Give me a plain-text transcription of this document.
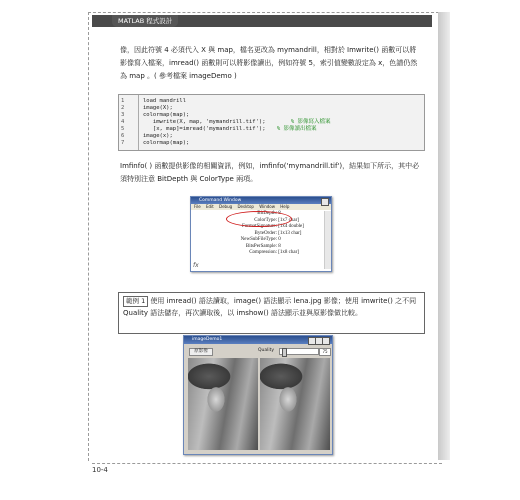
MATLAB 程式設計
像，因此符號 4 必須代入 X 與 map，檔名更改為 mymandrill，相對於 Imwrite() 函數可以將影像寫入檔案，imread() 函數則可以將影像讀出，例如符號 5，索引值變數設定為 x，色譜仍然為 map 。( 參考檔案 imageDemo )
1	load mandrill
2	image(X);
3	colormap(map);
4	imwrite(X, map, 'mymandrill.tif');	% 影像寫入檔案
5	[x, map]=imread('mymandrill.tif'); % 影像讀出檔案
6	image(x);
7	colormap(map);
Imfinfo( ) 函數提供影像的相關資訊，例如，imfinfo('mymandrill.tif')，結果如下所示，其中必須特別注意 BitDepth 與 ColorType 兩項。
Command Window
File Edit Debug Desktop Window Help
BitDepth: 8
ColorType: [1x7 char]
FormatSignature: [1x4 double]
ByteOrder: [1x13 char]
NewSubFileType: 0
BitsPerSample: 8
Compression: [1x8 char]
fx
範例 1 使用 imread() 語法讀取，image() 語法顯示 lena.jpg 影像；使用 imwrite() 之不同 Quality 語法儲存，再次讀取後，以 imshow() 語法顯示並與原影像做比較。
imageDemo1
原影像	Quality	75
10-4
